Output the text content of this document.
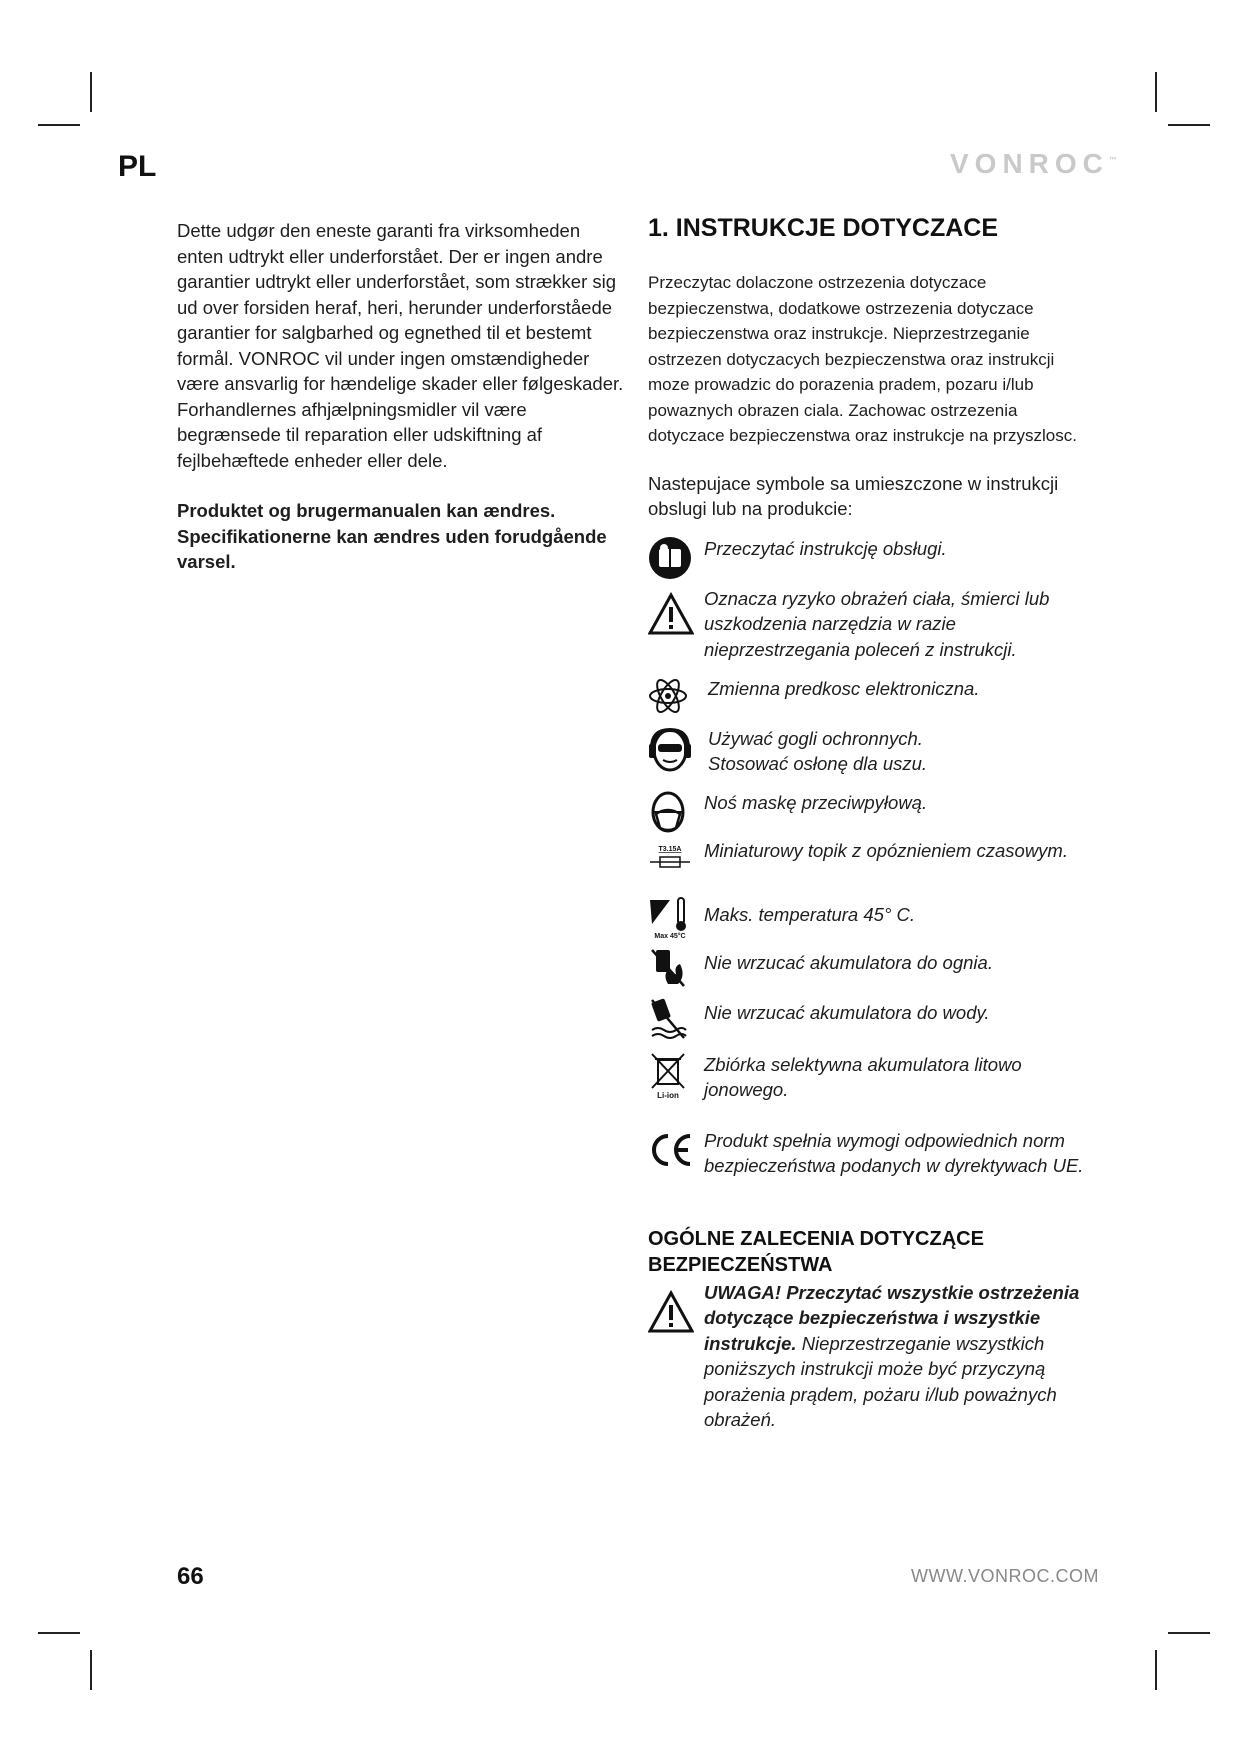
PL	VONROC™

Dette udgør den eneste garanti fra virksomheden enten udtrykt eller underforstået. Der er ingen andre garantier udtrykt eller underforstået, som strækker sig ud over forsiden heraf, heri, herunder underforståede garantier for salgbarhed og egnethed til et bestemt formål. VONROC vil under ingen omstændigheder være ansvarlig for hændelige skader eller følgeskader. Forhandlernes afhjælpningsmidler vil være begrænsede til reparation eller udskiftning af fejlbehæftede enheder eller dele.

Produktet og brugermanualen kan ændres. Specifikationerne kan ændres uden forudgående varsel.

1. INSTRUKCJE DOTYCZACE

Przeczytac dolaczone ostrzezenia dotyczace bezpieczenstwa, dodatkowe ostrzezenia dotyczace bezpieczenstwa oraz instrukcje. Nieprzestrzeganie ostrzezen dotyczacych bezpieczenstwa oraz instrukcji moze prowadzic do porazenia pradem, pozaru i/lub powaznych obrazen ciala. Zachowac ostrzezenia dotyczace bezpieczenstwa oraz instrukcje na przyszlosc.

Nastepujace symbole sa umieszczone w instrukcji obslugi lub na produkcie:

Przeczytać instrukcję obsługi.
Oznacza ryzyko obrażeń ciała, śmierci lub uszkodzenia narzędzia w razie nieprzestrzegania poleceń z instrukcji.
Zmienna predkosc elektroniczna.
Używać gogli ochronnych.
Stosować osłonę dla uszu.
Noś maskę przeciwpyłową.
T3.15A Miniaturowy topik z opóznieniem czasowym.
Max 45°C
Maks. temperatura 45° C.
Nie wrzucać akumulatora do ognia.
Nie wrzucać akumulatora do wody.
Li-ion
Zbiórka selektywna akumulatora litowo jonowego.
Produkt spełnia wymogi odpowiednich norm bezpieczeństwa podanych w dyrektywach UE.
OGÓLNE ZALECENIA DOTYCZĄCE BEZPIECZEŃSTWA
UWAGA! Przeczytać wszystkie ostrzeżenia dotyczące bezpieczeństwa i wszystkie instrukcje. Nieprzestrzeganie wszystkich poniższych instrukcji może być przyczyną porażenia prądem, pożaru i/lub poważnych obrażeń.
66	WWW.VONROC.COM
